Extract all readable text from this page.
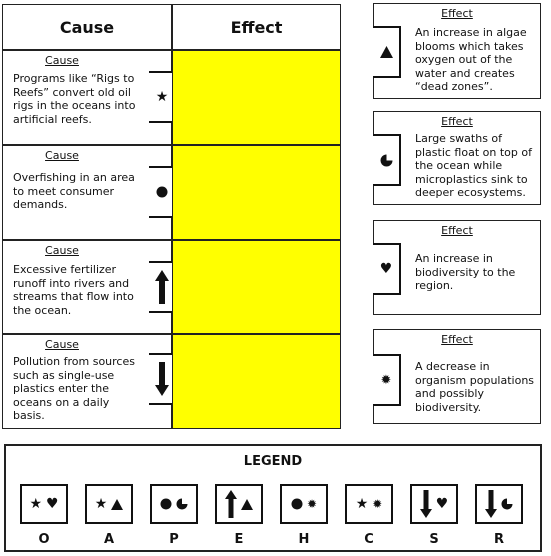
Cause	Effect
Cause
Programs like “Rigs to Reefs” convert old oil rigs in the oceans into artificial reefs.
★
Cause
Overfishing in an area to meet consumer demands.
Cause
Excessive fertilizer runoff into rivers and streams that flow into the ocean.
Cause
Pollution from sources such as single-use plastics enter the oceans on a daily basis.
Effect
An increase in algae blooms which takes oxygen out of the water and creates “dead zones”.
Effect
Large swaths of plastic float on top of the ocean while microplastics sink to deeper ecosystems.
Effect
An increase in biodiversity to the region.
♥
Effect
A decrease in organism populations and possibly biodiversity.
✹
LEGEND
★ ♥
O
★
A	P	E
✹
H
★ ✹
C
♥
S	R
